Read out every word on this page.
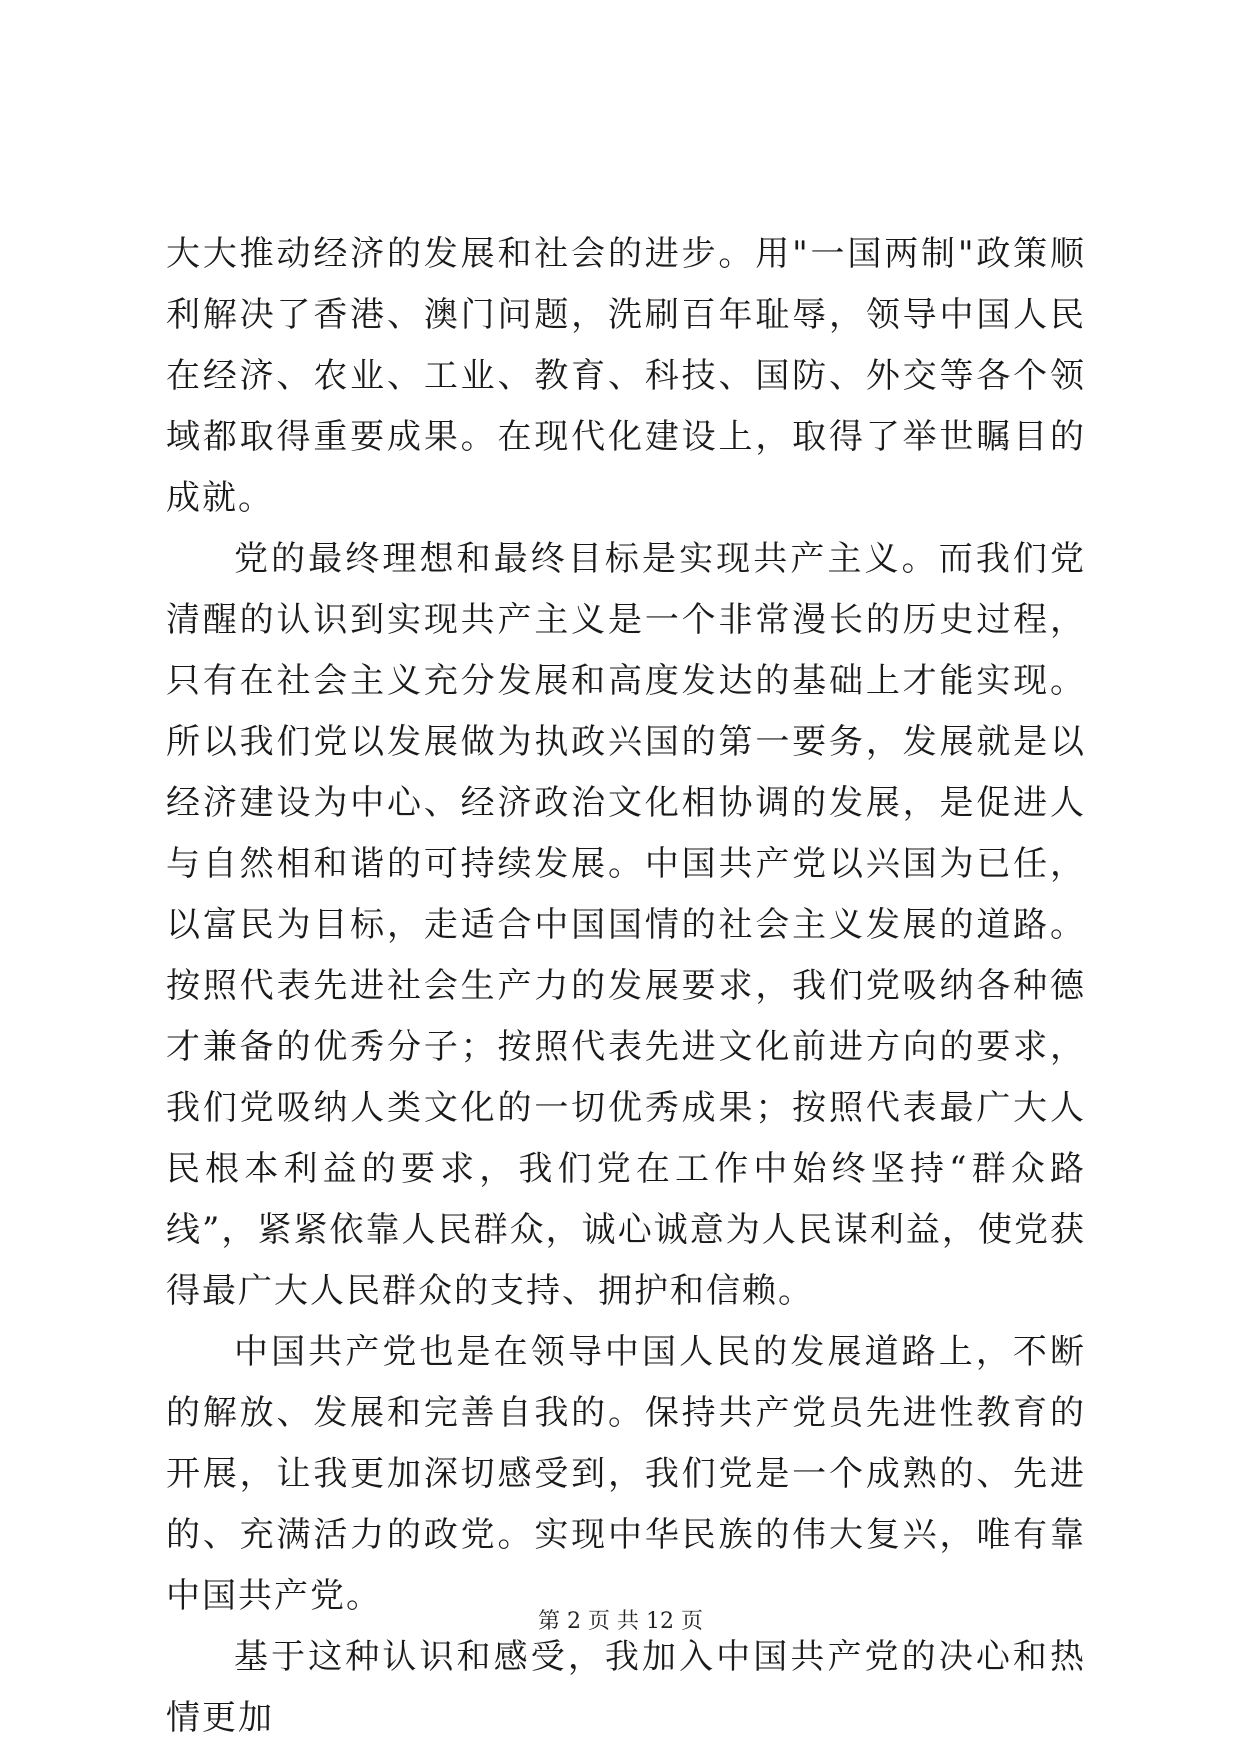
大大推动经济的发展和社会的进步。用"一国两制"政策顺利解决了香港、澳门问题，洗刷百年耻辱，领导中国人民在经济、农业、工业、教育、科技、国防、外交等各个领域都取得重要成果。在现代化建设上，取得了举世瞩目的成就。

党的最终理想和最终目标是实现共产主义。而我们党清醒的认识到实现共产主义是一个非常漫长的历史过程，只有在社会主义充分发展和高度发达的基础上才能实现。所以我们党以发展做为执政兴国的第一要务，发展就是以经济建设为中心、经济政治文化相协调的发展，是促进人与自然相和谐的可持续发展。中国共产党以兴国为已任，以富民为目标，走适合中国国情的社会主义发展的道路。按照代表先进社会生产力的发展要求，我们党吸纳各种德才兼备的优秀分子；按照代表先进文化前进方向的要求，我们党吸纳人类文化的一切优秀成果；按照代表最广大人民根本利益的要求，我们党在工作中始终坚持“群众路线”，紧紧依靠人民群众，诚心诚意为人民谋利益，使党获得最广大人民群众的支持、拥护和信赖。

中国共产党也是在领导中国人民的发展道路上，不断的解放、发展和完善自我的。保持共产党员先进性教育的开展，让我更加深切感受到，我们党是一个成熟的、先进的、充满活力的政党。实现中华民族的伟大复兴，唯有靠中国共产党。

基于这种认识和感受，我加入中国共产党的决心和热情更加

第 2 页 共 12 页
